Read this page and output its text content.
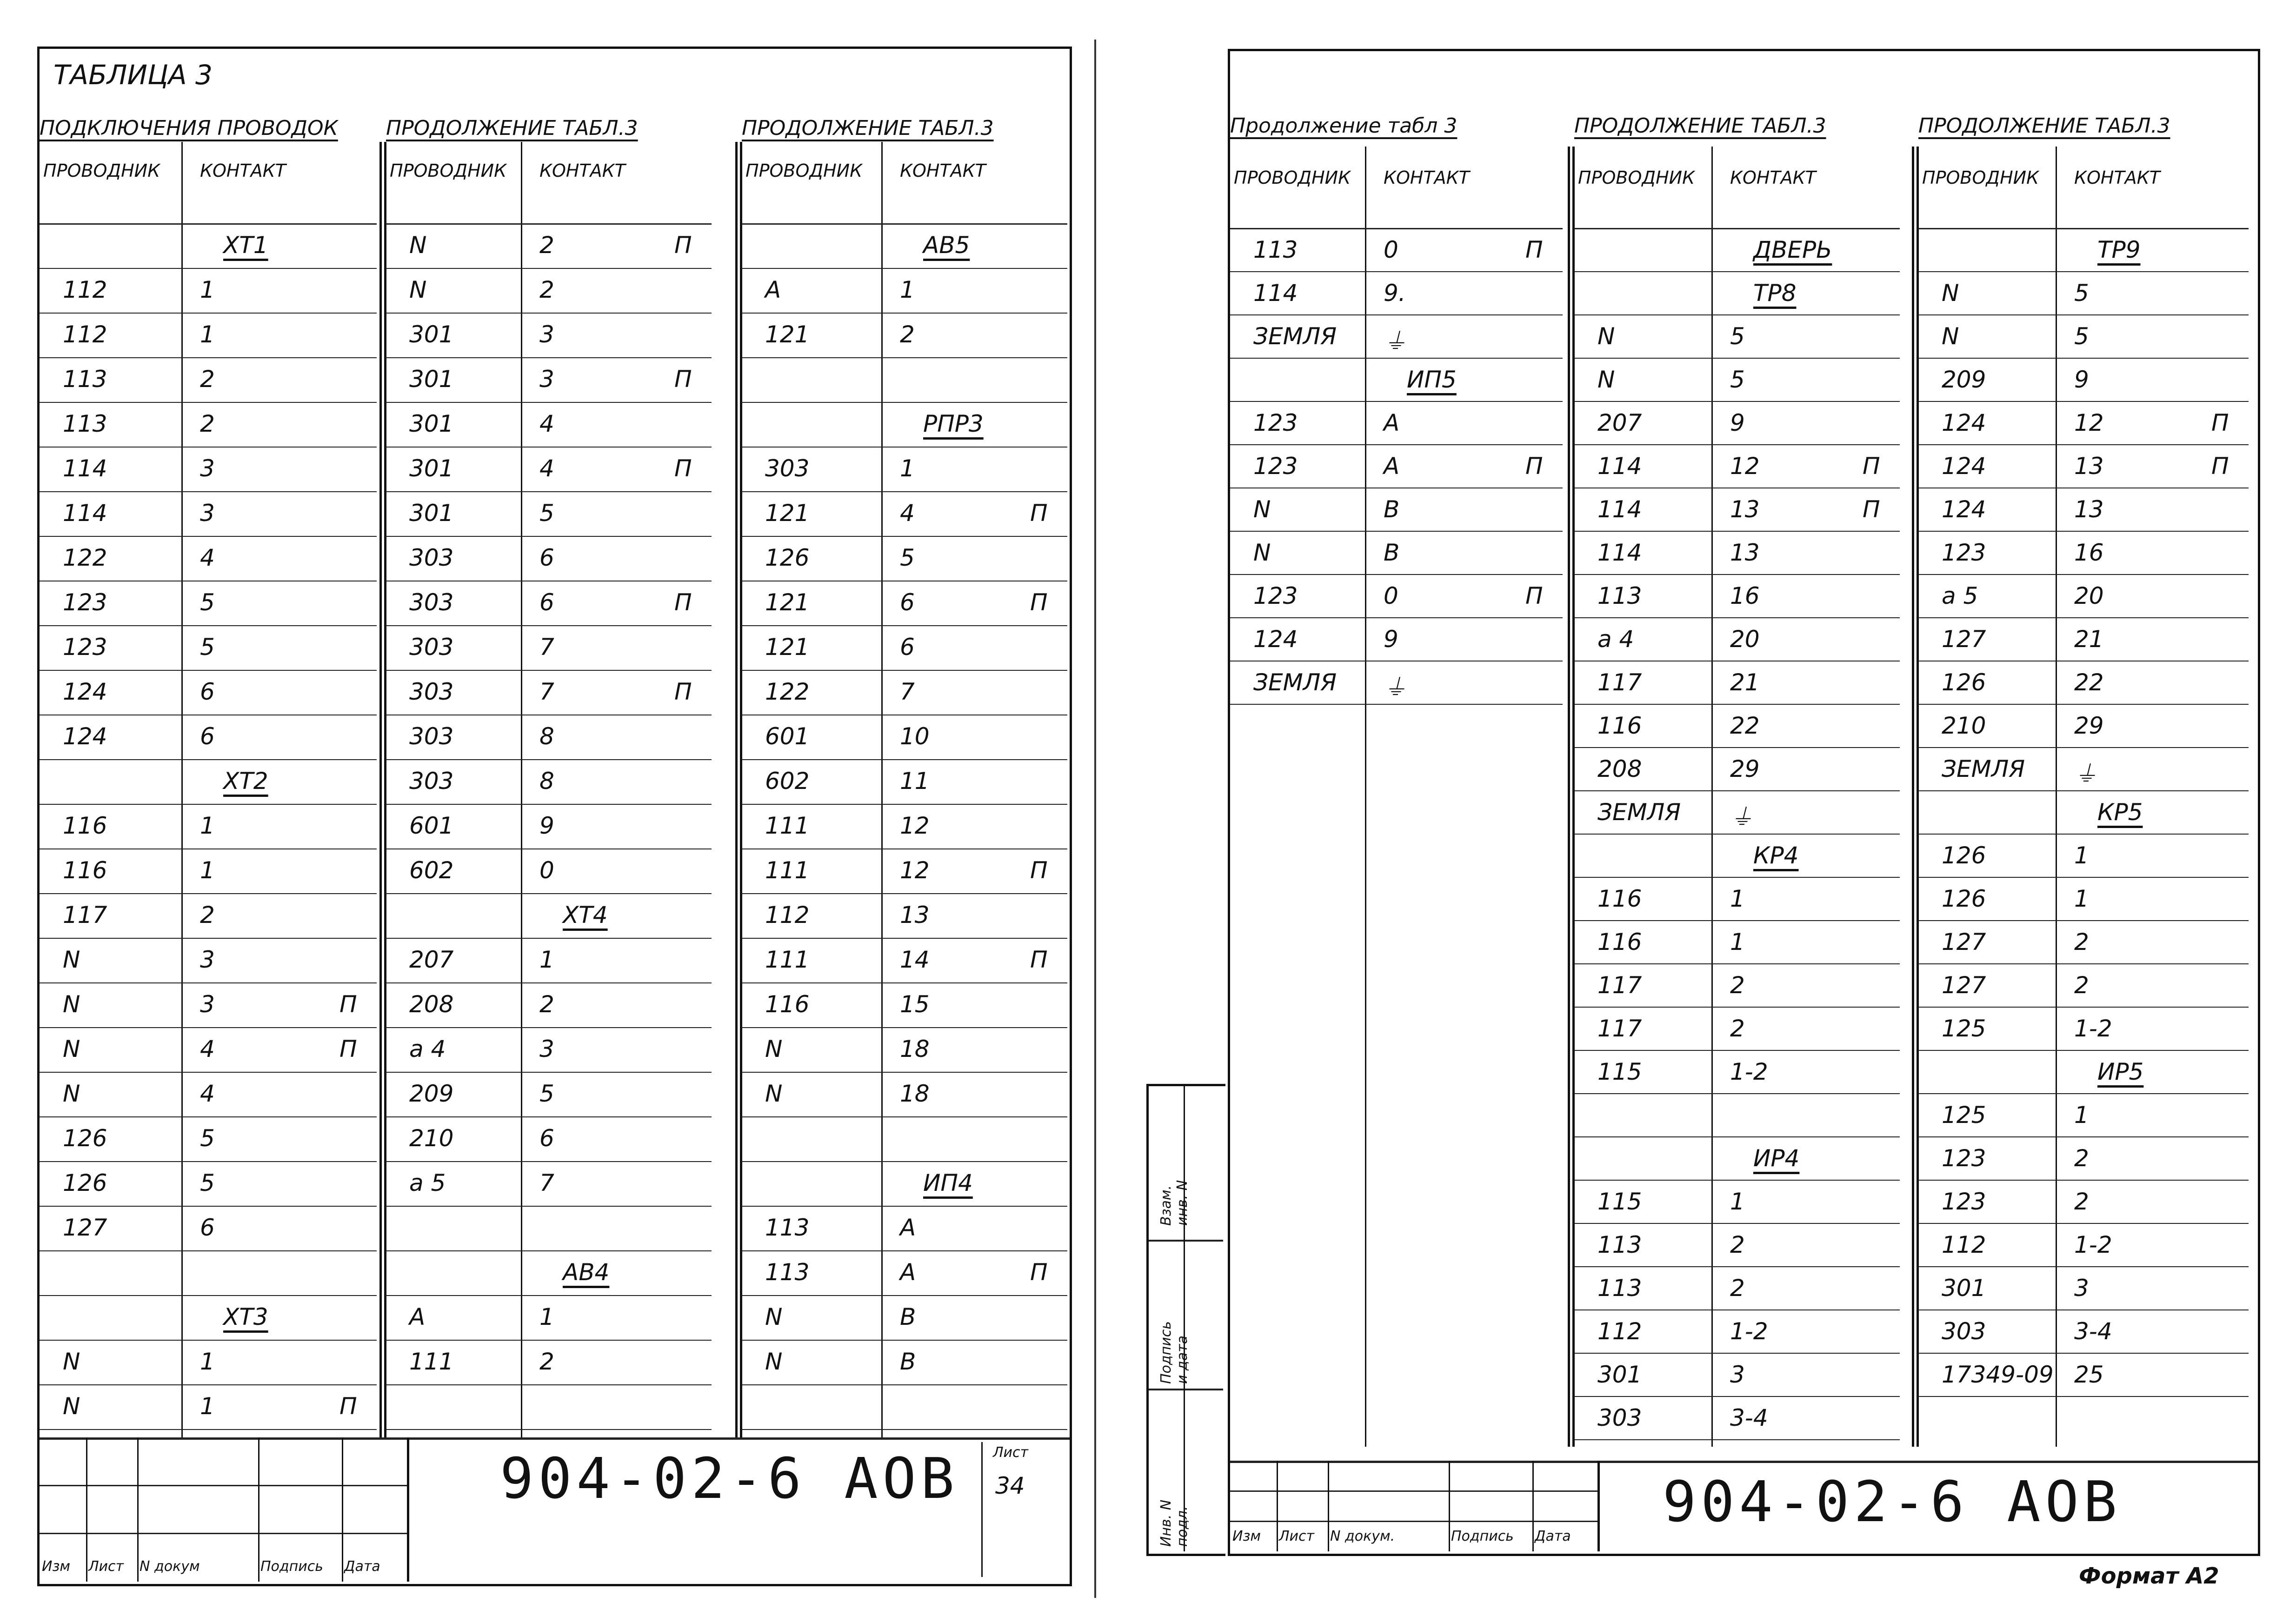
ТАБЛИЦА 3
ПОДКЛЮЧЕНИЯ ПРОВОДОК
ПРОВОДНИК КОНТАКТ
XT1
112	1
112	1
113	2
113	2
114	3
114	3
122	4
123	5
123	5
124	6
124	6
XT2
116	1
116	1
117	2
N	3
N	3	П
N	4	П
N	4
126	5
126	5
127	6
XT3
N	1
N	1	П
ПРОДОЛЖЕНИЕ ТАБЛ.3
ПРОВОДНИК КОНТАКТ
N	2	П
N	2
301	3
301	3	П
301	4
301	4	П
301	5
303	6
303	6	П
303	7
303	7	П
303	8
303	8
601	9
602	0
XT4
207	1
208	2
a 4	3
209	5
210	6
a 5	7
AB4
A	1
111	2
ПРОДОЛЖЕНИЕ ТАБЛ.3
ПРОВОДНИК КОНТАКТ
AB5
A	1
121	2
РПР3
303	1
121	4	П
126	5
121	6	П
121	6
122	7
601	10
602	11
111	12
111	12	П
112	13
111	14	П
116	15
N	18
N	18
ИП4
113	A
113	A	П
N	B
N	B
904-02-6 АОВ
Изм Лист N докум	Подпись Дата
Лист
34
Продолжение табл 3
ПРОВОДНИК КОНТАКТ
113	0	П
114	9.
ЗЕМЛЯ ⏚
ИП5
123	A
123	A	П
N	B
N	B
123	0	П
124	9
ЗЕМЛЯ ⏚
ПРОДОЛЖЕНИЕ ТАБЛ.3
ПРОВОДНИК КОНТАКТ
ДВЕРЬ
ТР8
N	5
N	5
207	9
114	12	П
114	13	П
114	13
113	16
a 4	20
117	21
116	22
208	29
ЗЕМЛЯ ⏚
КР4
116	1
116	1
117	2
117	2
115	1-2
ИР4
115	1
113	2
113	2
112	1-2
301	3
303	3-4
ПРОДОЛЖЕНИЕ ТАБЛ.3
ПРОВОДНИК КОНТАКТ
ТР9
N	5
N	5
209	9
124	12	П
124	13	П
124	13
123	16
a 5	20
127	21
126	22
210	29
ЗЕМЛЯ ⏚
КР5
126	1
126	1
127	2
127	2
125	1-2
ИР5
125	1
123	2
123	2
112	1-2
301	3
303	3-4
17349-09 25
904-02-6 АОВ
Изм Лист N докум.	Подпись Дата
Инв. N подл.
Подпись и дата
Взам. инв. N
Формат А2
